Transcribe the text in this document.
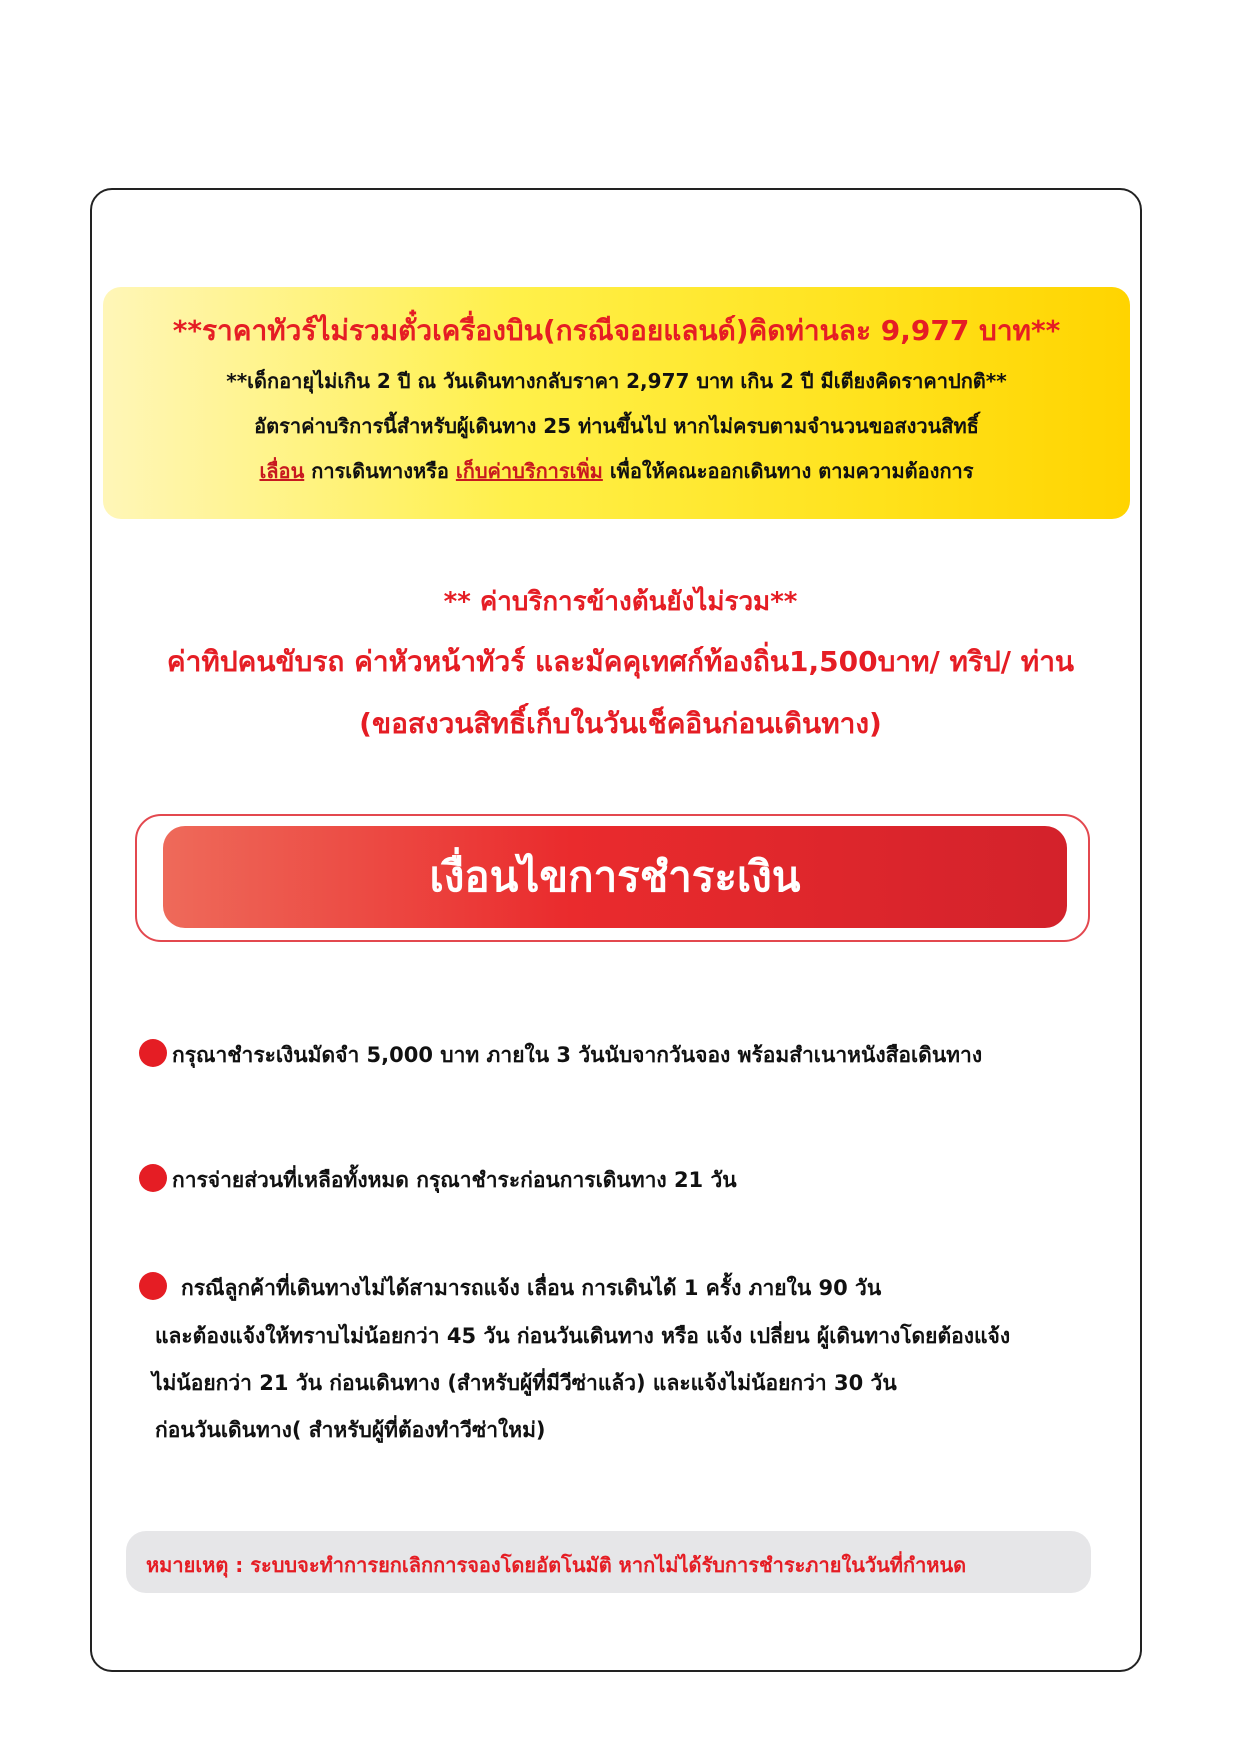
**ราคาทัวร์ไม่รวมตั๋วเครื่องบิน(กรณีจอยแลนด์)คิดท่านละ 9,977 บาท**
**เด็กอายุไม่เกิน 2 ปี ณ วันเดินทางกลับราคา 2,977 บาท เกิน 2 ปี มีเตียงคิดราคาปกติ**
อัตราค่าบริการนี้สำหรับผู้เดินทาง 25 ท่านขึ้นไป หากไม่ครบตามจำนวนขอสงวนสิทธิ์
เลื่อน การเดินทางหรือ เก็บค่าบริการเพิ่ม เพื่อให้คณะออกเดินทาง ตามความต้องการ
** ค่าบริการข้างต้นยังไม่รวม**
ค่าทิปคนขับรถ ค่าหัวหน้าทัวร์ และมัคคุเทศก์ท้องถิ่น1,500บาท/ ทริป/ ท่าน
(ขอสงวนสิทธิ์เก็บในวันเช็คอินก่อนเดินทาง)
เงื่อนไขการชำระเงิน
กรุณาชำระเงินมัดจำ 5,000 บาท ภายใน 3 วันนับจากวันจอง พร้อมสำเนาหนังสือเดินทาง
การจ่ายส่วนที่เหลือทั้งหมด กรุณาชำระก่อนการเดินทาง 21 วัน
กรณีลูกค้าที่เดินทางไม่ได้สามารถแจ้ง เลื่อน การเดินได้ 1 ครั้ง ภายใน 90 วัน
และต้องแจ้งให้ทราบไม่น้อยกว่า 45 วัน ก่อนวันเดินทาง หรือ แจ้ง เปลี่ยน ผู้เดินทางโดยต้องแจ้ง
ไม่น้อยกว่า 21 วัน ก่อนเดินทาง (สำหรับผู้ที่มีวีซ่าแล้ว) และแจ้งไม่น้อยกว่า 30 วัน
ก่อนวันเดินทาง( สำหรับผู้ที่ต้องทำวีซ่าใหม่)
หมายเหตุ : ระบบจะทำการยกเลิกการจองโดยอัตโนมัติ หากไม่ได้รับการชำระภายในวันที่กำหนด
